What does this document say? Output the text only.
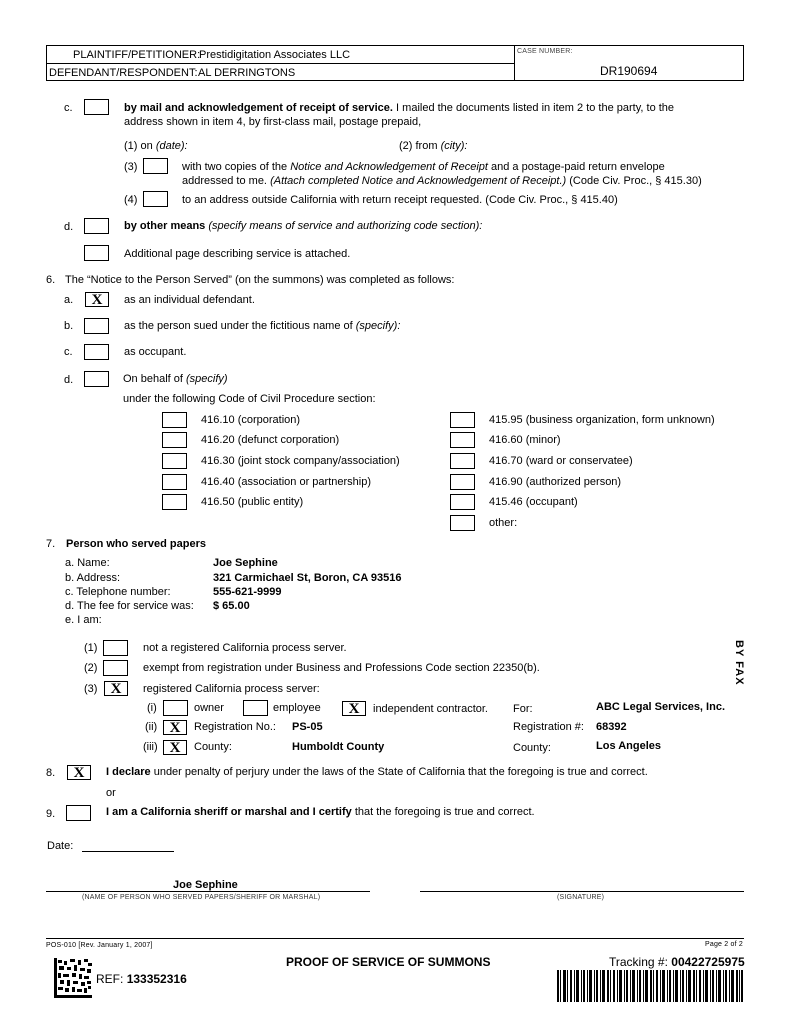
PLAINTIFF/PETITIONER:
Prestidigitation Associates LLC
DEFENDANT/RESPONDENT: AL DERRINGTONS
CASE NUMBER:
DR190694
c.	by mail and acknowledgement of receipt of service. I mailed the documents listed in item 2 to the party, to the
address shown in item 4, by first-class mail, postage prepaid,
(1) on (date):	(2) from (city):
(3)	with two copies of the Notice and Acknowledgement of Receipt and a postage-paid return envelope
addressed to me. (Attach completed Notice and Acknowledgement of Receipt.) (Code Civ. Proc., § 415.30)
(4)	to an address outside California with return receipt requested. (Code Civ. Proc., § 415.40)
d.	by other means (specify means of service and authorizing code section):
Additional page describing service is attached.
6. The “Notice to the Person Served” (on the summons) was completed as follows:
a.	X	as an individual defendant.
b.	as the person sued under the fictitious name of (specify):
c.	as occupant.
d.	On behalf of (specify)
under the following Code of Civil Procedure section:
416.10 (corporation)
416.20 (defunct corporation)
416.30 (joint stock company/association)
416.40 (association or partnership)
416.50 (public entity)
415.95 (business organization, form unknown)
416.60 (minor)
416.70 (ward or conservatee)
416.90 (authorized person)
415.46 (occupant)
other:
7. Person who served papers
a. Name:	Joe Sephine
b. Address:	321 Carmichael St, Boron, CA 93516
c. Telephone number:	555-621-9999
d. The fee for service was: $ 65.00
e. I am:
(1)	not a registered California process server.
(2)	exempt from registration under Business and Professions Code section 22350(b).
(3) X	registered California process server:
(i)	owner	employee	X	independent contractor. For:	ABC Legal Services, Inc.
(ii) X	Registration No.: PS-05	Registration #: 68392
(iii) X	County:	Humboldt County	County:	Los Angeles
BY FAX
8.	X	I declare under penalty of perjury under the laws of the State of California that the foregoing is true and correct.
or
9.	I am a California sheriff or marshal and I certify that the foregoing is true and correct.
Date:
Joe Sephine
(NAME OF PERSON WHO SERVED PAPERS/SHERIFF OR MARSHAL)	(SIGNATURE)
POS-010 [Rev. January 1, 2007]	Page 2 of 2
PROOF OF SERVICE OF SUMMONS	Tracking #: 00422725975
REF: 133352316
